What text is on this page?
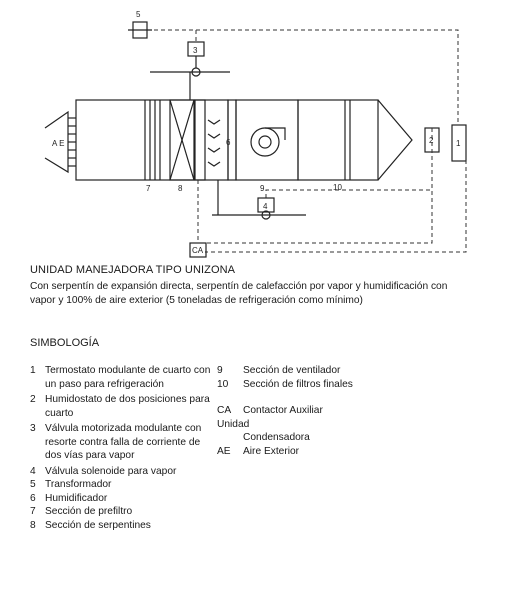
A E	1
2
3
4
5
6
7	8	9	10
CA
UNIDAD MANEJADORA TIPO UNIZONA
Con serpentín de expansión directa, serpentín de calefacción por vapor y humidificación con vapor y 100% de aire exterior (5 toneladas de refrigeración como mínimo)
SIMBOLOGÍA
1 Termostato modulante de cuarto con un paso para refrigeración
2 Humidostato de dos posiciones para cuarto
3 Válvula motorizada modulante con resorte contra falla de corriente de dos vías para vapor
4 Válvula solenoide para vapor
5 Transformador
6 Humidificador
7 Sección de prefiltro
8 Sección de serpentines
9	Sección de ventilador
10	Sección de filtros finales
CA	Contactor Auxiliar
Unidad
Condensadora
AE	Aire Exterior
